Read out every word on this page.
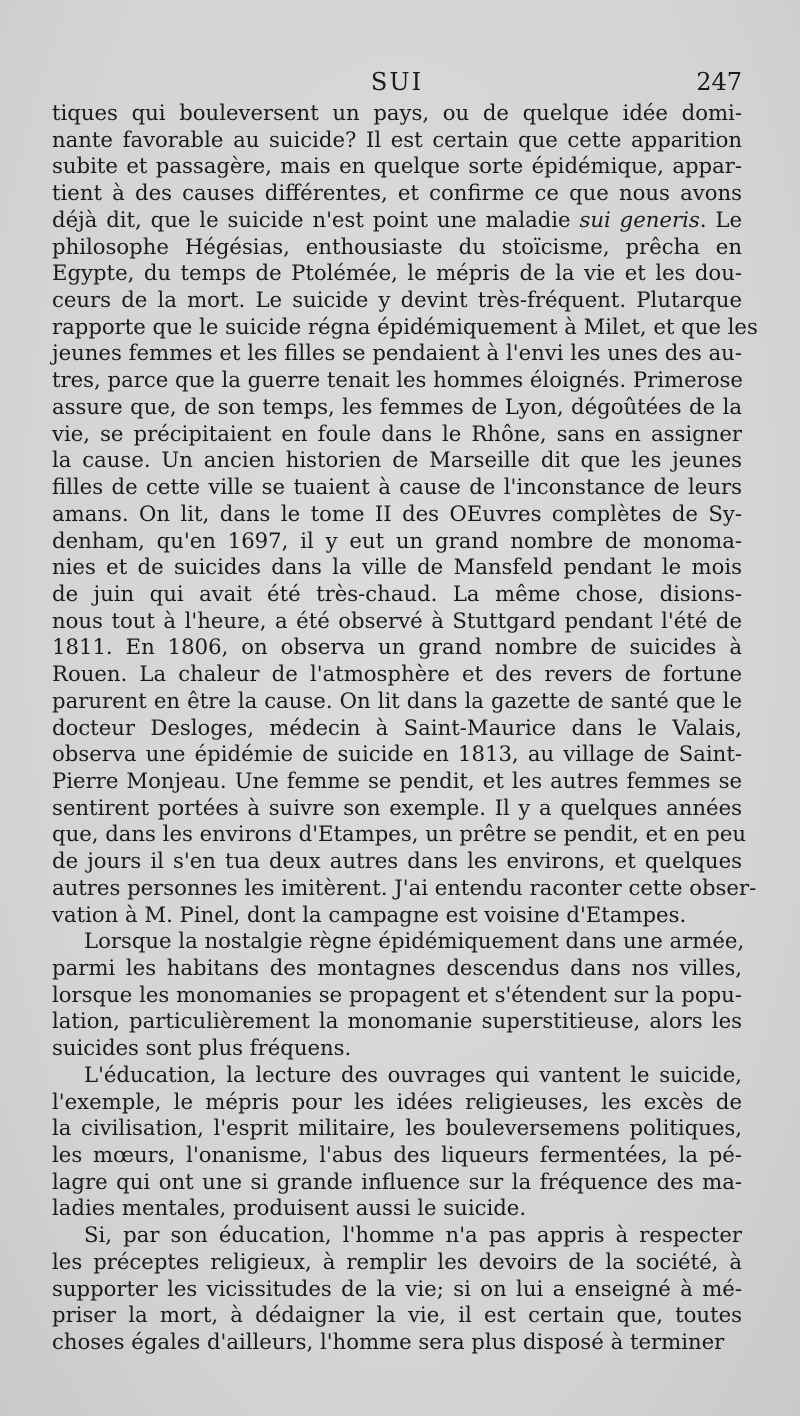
SUI	247
tiques qui bouleversent un pays, ou de quelque idée domi-
nante favorable au suicide? Il est certain que cette apparition
subite et passagère, mais en quelque sorte épidémique, appar-
tient à des causes différentes, et confirme ce que nous avons
déjà dit, que le suicide n'est point une maladie sui generis. Le
philosophe Hégésias, enthousiaste du stoïcisme, prêcha en
Egypte, du temps de Ptolémée, le mépris de la vie et les dou-
ceurs de la mort. Le suicide y devint très-fréquent. Plutarque
rapporte que le suicide régna épidémiquement à Milet, et que les
jeunes femmes et les filles se pendaient à l'envi les unes des au-
tres, parce que la guerre tenait les hommes éloignés. Primerose
assure que, de son temps, les femmes de Lyon, dégoûtées de la
vie, se précipitaient en foule dans le Rhône, sans en assigner
la cause. Un ancien historien de Marseille dit que les jeunes
filles de cette ville se tuaient à cause de l'inconstance de leurs
amans. On lit, dans le tome II des OEuvres complètes de Sy-
denham, qu'en 1697, il y eut un grand nombre de monoma-
nies et de suicides dans la ville de Mansfeld pendant le mois
de juin qui avait été très-chaud. La même chose, disions-
nous tout à l'heure, a été observé à Stuttgard pendant l'été de
1811. En 1806, on observa un grand nombre de suicides à
Rouen. La chaleur de l'atmosphère et des revers de fortune
parurent en être la cause. On lit dans la gazette de santé que le
docteur Desloges, médecin à Saint-Maurice dans le Valais,
observa une épidémie de suicide en 1813, au village de Saint-
Pierre Monjeau. Une femme se pendit, et les autres femmes se
sentirent portées à suivre son exemple. Il y a quelques années
que, dans les environs d'Etampes, un prêtre se pendit, et en peu
de jours il s'en tua deux autres dans les environs, et quelques
autres personnes les imitèrent. J'ai entendu raconter cette obser-
vation à M. Pinel, dont la campagne est voisine d'Etampes.
Lorsque la nostalgie règne épidémiquement dans une armée,
parmi les habitans des montagnes descendus dans nos villes,
lorsque les monomanies se propagent et s'étendent sur la popu-
lation, particulièrement la monomanie superstitieuse, alors les
suicides sont plus fréquens.
L'éducation, la lecture des ouvrages qui vantent le suicide,
l'exemple, le mépris pour les idées religieuses, les excès de
la civilisation, l'esprit militaire, les bouleversemens politiques,
les mœurs, l'onanisme, l'abus des liqueurs fermentées, la pé-
lagre qui ont une si grande influence sur la fréquence des ma-
ladies mentales, produisent aussi le suicide.
Si, par son éducation, l'homme n'a pas appris à respecter
les préceptes religieux, à remplir les devoirs de la société, à
supporter les vicissitudes de la vie; si on lui a enseigné à mé-
priser la mort, à dédaigner la vie, il est certain que, toutes
choses égales d'ailleurs, l'homme sera plus disposé à terminer
